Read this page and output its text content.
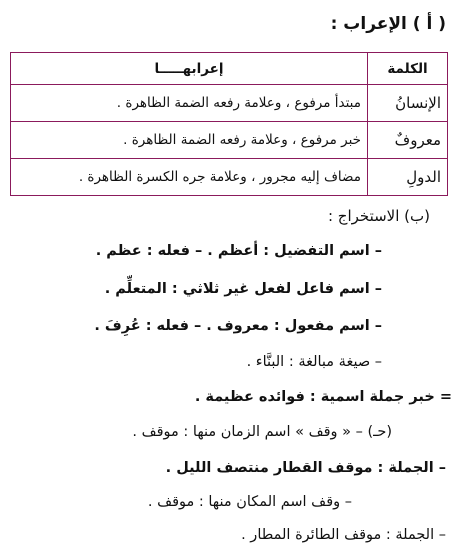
( أ ) الإعراب :
الكلمة	إعرابهـــــا
الإنسانُ	مبتدأ مرفوع ، وعلامة رفعه الضمة الظاهرة .
معروفٌ	خبر مرفوع ، وعلامة رفعه الضمة الظاهرة .
الدولِ	مضاف إليه مجرور ، وعلامة جره الكسرة الظاهرة .
(ب) الاستخراج :
– اسم التفضيل : أعظم . – فعله : عظم .
– اسم فاعل لفعل غير ثلاثي : المتعلِّم .
– اسم مفعول : معروف . – فعله : عُرِفَ .
– صيغة مبالغة : البنَّاء .
= خبر جملة اسمية : فوائده عظيمة .
(حـ) – « وقف » اسم الزمان منها : موقف .
– الجملة : موقف القطار منتصف الليل .
– وقف اسم المكان منها : موقف .
– الجملة : موقف الطائرة المطار .
